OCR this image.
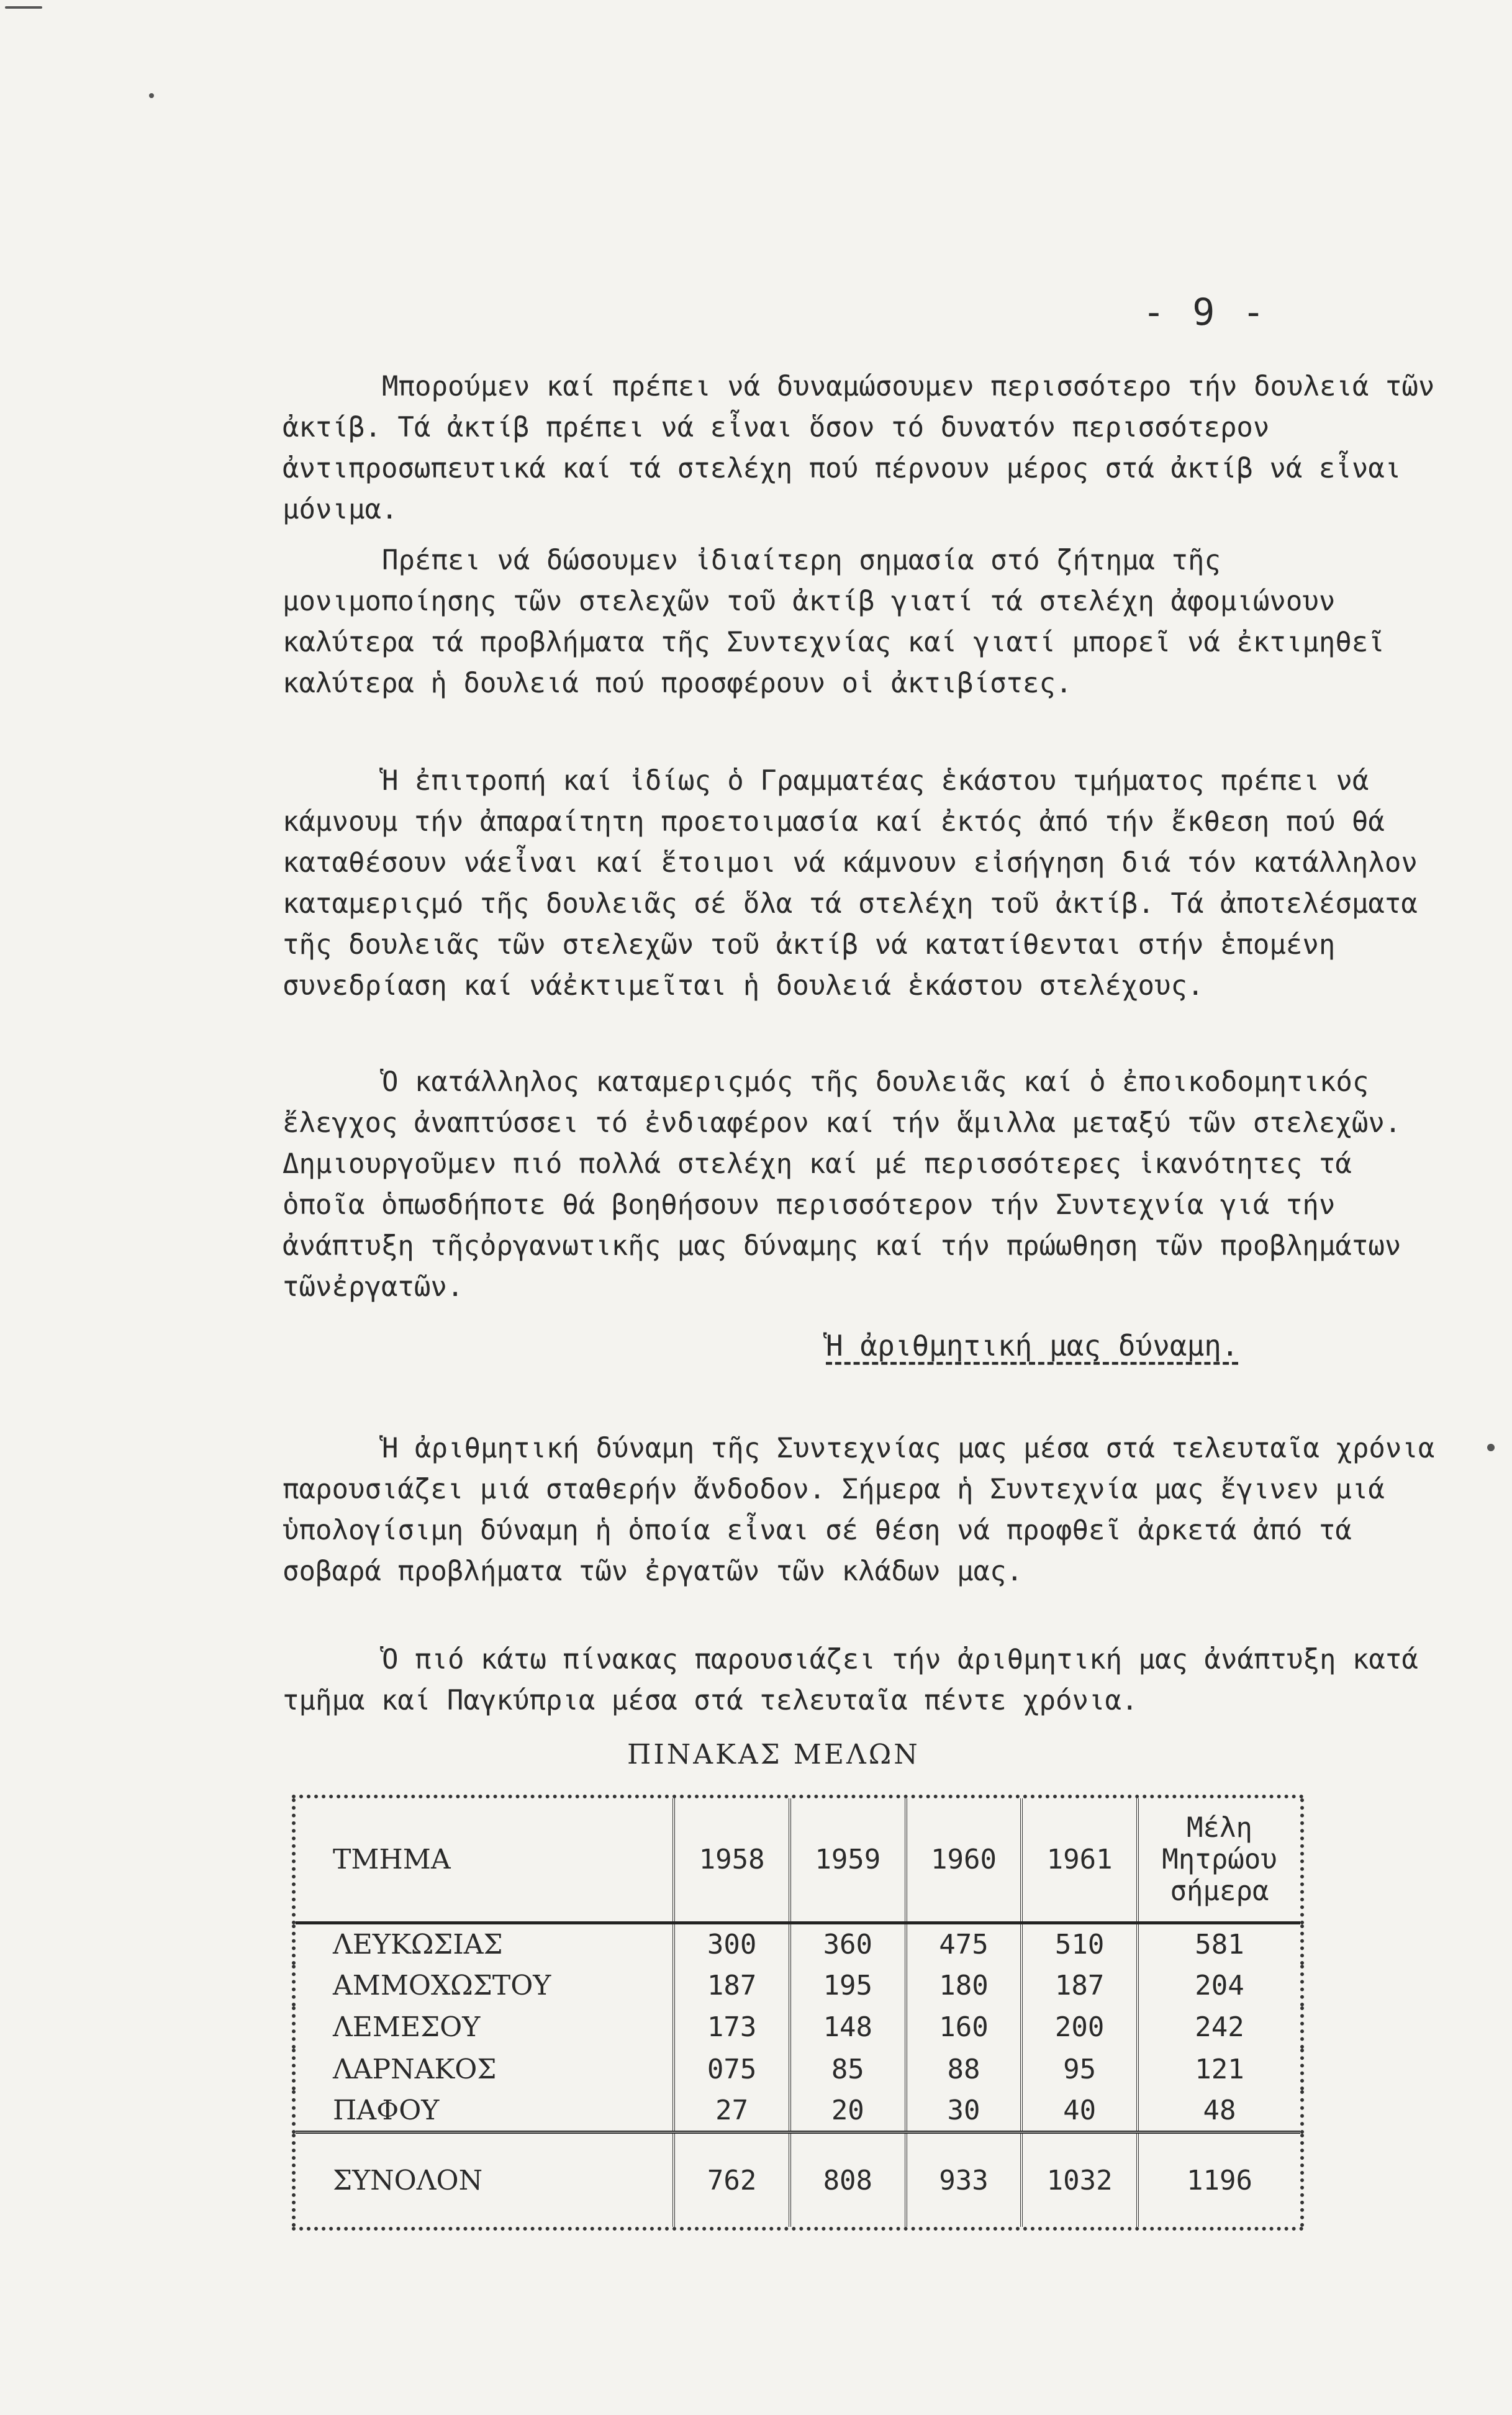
- 9 -

Μπορούμεν καί πρέπει νά δυναμώσουμεν περισσότερο τήν δουλειά τῶν ἀκτίβ. Τά ἀκτίβ πρέπει νά εἶναι ὅσον τό δυνατόν περισσότερον ἀντιπροσωπευτικά καί τά στελέχη πού πέρνουν μέρος στά ἀκτίβ νά εἶναι μόνιμα.

Πρέπει νά δώσουμεν ἰδιαίτερη σημασία στό ζήτημα τῆς μονιμοποίησης τῶν στελεχῶν τοῦ ἀκτίβ γιατί τά στελέχη ἀφομιώνουν καλύτερα τά προβλήματα τῆς Συντεχνίας καί γιατί μπορεῖ νά ἐκτιμηθεῖ καλύτερα ἡ δουλειά πού προσφέρουν οἱ ἀκτιβίστες.

Ἡ ἐπιτροπή καί ἰδίως ὁ Γραμματέας ἑκάστου τμήματος πρέπει νά κάμνουμ τήν ἀπαραίτητη προετοιμασία καί ἐκτός ἀπό τήν ἔκθεση πού θά καταθέσουν νάεἶναι καί ἕτοιμοι νά κάμνουν εἰσήγηση διά τόν κατάλληλον καταμεριςμό τῆς δουλειᾶς σέ ὅλα τά στελέχη τοῦ ἀκτίβ. Τά ἀποτελέσματα τῆς δουλειᾶς τῶν στελεχῶν τοῦ ἀκτίβ νά κατατίθενται στήν ἑπομένη συνεδρίαση καί νάἐκτιμεῖται ἡ δουλειά ἑκάστου στελέχους.

Ὁ κατάλληλος καταμεριςμός τῆς δουλειᾶς καί ὁ ἐποικοδομητικός ἔλεγχος ἀναπτύσσει τό ἐνδιαφέρον καί τήν ἅμιλλα μεταξύ τῶν στελεχῶν. Δημιουργοῦμεν πιό πολλά στελέχη καί μέ περισσότερες ἱκανότητες τά ὁποῖα ὁπωσδήποτε θά βοηθήσουν περισσότερον τήν Συντεχνία γιά τήν ἀνάπτυξη τῆςὀργανωτικῆς μας δύναμης καί τήν πρώωθηση τῶν προβλημάτων τῶνἐργατῶν.

Ἡ ἀριθμητική μας δύναμη.

Ἡ ἀριθμητική δύναμη τῆς Συντεχνίας μας μέσα στά τελευταῖα χρόνια παρουσιάζει μιά σταθερήν ἄνδοδον. Σήμερα ἡ Συντεχνία μας ἔγινεν μιά ὑπολογίσιμη δύναμη ἡ ὁποία εἶναι σέ θέση νά προφθεῖ ἀρκετά ἀπό τά σοβαρά προβλήματα τῶν ἐργατῶν τῶν κλάδων μας.

Ὁ πιό κάτω πίνακας παρουσιάζει τήν ἀριθμητική μας ἀνάπτυξη κατά τμῆμα καί Παγκύπρια μέσα στά τελευταῖα πέντε χρόνια.

ΠΙΝΑΚΑΣ ΜΕΛΩΝ
ΤΜΗΜΑ	1958	1959	1960	1961	Μέλη Μητρώου σήμερα
ΛΕΥΚΩΣΙΑΣ	300	360	475	510	581
ΑΜΜΟΧΩΣΤΟΥ	187	195	180	187	204
ΛΕΜΕΣΟΥ	173	148	160	200	242
ΛΑΡΝΑΚΟΣ	075	85	88	95	121
ΠΑΦΟΥ	27	20	30	40	48
ΣΥΝΟΛΟΝ	762	808	933	1032	1196
